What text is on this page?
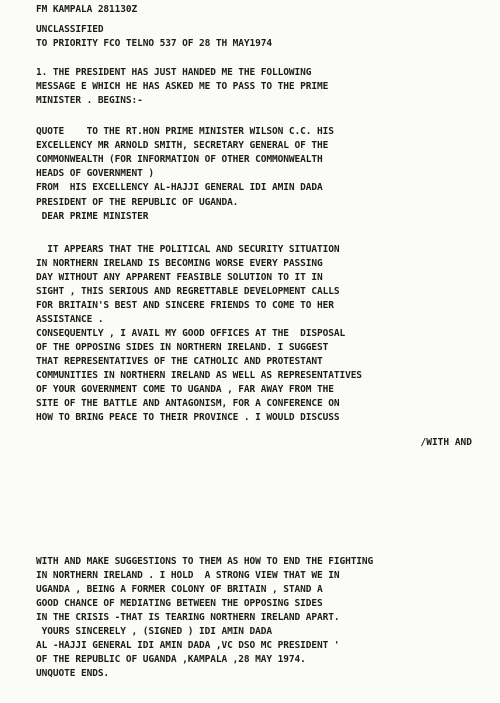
FM KAMPALA 281130Z
UNCLASSIFIED
TO PRIORITY FCO TELNO 537 OF 28 TH MAY1974
1. THE PRESIDENT HAS JUST HANDED ME THE FOLLOWING
MESSAGE E WHICH HE HAS ASKED ME TO PASS TO THE PRIME
MINISTER . BEGINS:-
QUOTE    TO THE RT.HON PRIME MINISTER WILSON C.C. HIS
EXCELLENCY MR ARNOLD SMITH, SECRETARY GENERAL OF THE
COMMONWEALTH (FOR INFORMATION OF OTHER COMMONWEALTH
HEADS OF GOVERNMENT )
FROM  HIS EXCELLENCY AL-HAJJI GENERAL IDI AMIN DADA
PRESIDENT OF THE REPUBLIC OF UGANDA.
DEAR PRIME MINISTER
IT APPEARS THAT THE POLITICAL AND SECURITY SITUATION
IN NORTHERN IRELAND IS BECOMING WORSE EVERY PASSING
DAY WITHOUT ANY APPARENT FEASIBLE SOLUTION TO IT IN
SIGHT , THIS SERIOUS AND REGRETTABLE DEVELOPMENT CALLS
FOR BRITAIN'S BEST AND SINCERE FRIENDS TO COME TO HER
ASSISTANCE .
CONSEQUENTLY , I AVAIL MY GOOD OFFICES AT THE  DISPOSAL
OF THE OPPOSING SIDES IN NORTHERN IRELAND. I SUGGEST
THAT REPRESENTATIVES OF THE CATHOLIC AND PROTESTANT
COMMUNITIES IN NORTHERN IRELAND AS WELL AS REPRESENTATIVES
OF YOUR GOVERNMENT COME TO UGANDA , FAR AWAY FROM THE
SITE OF THE BATTLE AND ANTAGONISM, FOR A CONFERENCE ON
HOW TO BRING PEACE TO THEIR PROVINCE . I WOULD DISCUSS
/WITH AND
WITH AND MAKE SUGGESTIONS TO THEM AS HOW TO END THE FIGHTING
IN NORTHERN IRELAND . I HOLD  A STRONG VIEW THAT WE IN
UGANDA , BEING A FORMER COLONY OF BRITAIN , STAND A
GOOD CHANCE OF MEDIATING BETWEEN THE OPPOSING SIDES
IN THE CRISIS -THAT IS TEARING NORTHERN IRELAND APART.
YOURS SINCERELY , (SIGNED ) IDI AMIN DADA
AL -HAJJI GENERAL IDI AMIN DADA ,VC DSO MC PRESIDENT '
OF THE REPUBLIC OF UGANDA ,KAMPALA ,28 MAY 1974.
UNQUOTE ENDS.
